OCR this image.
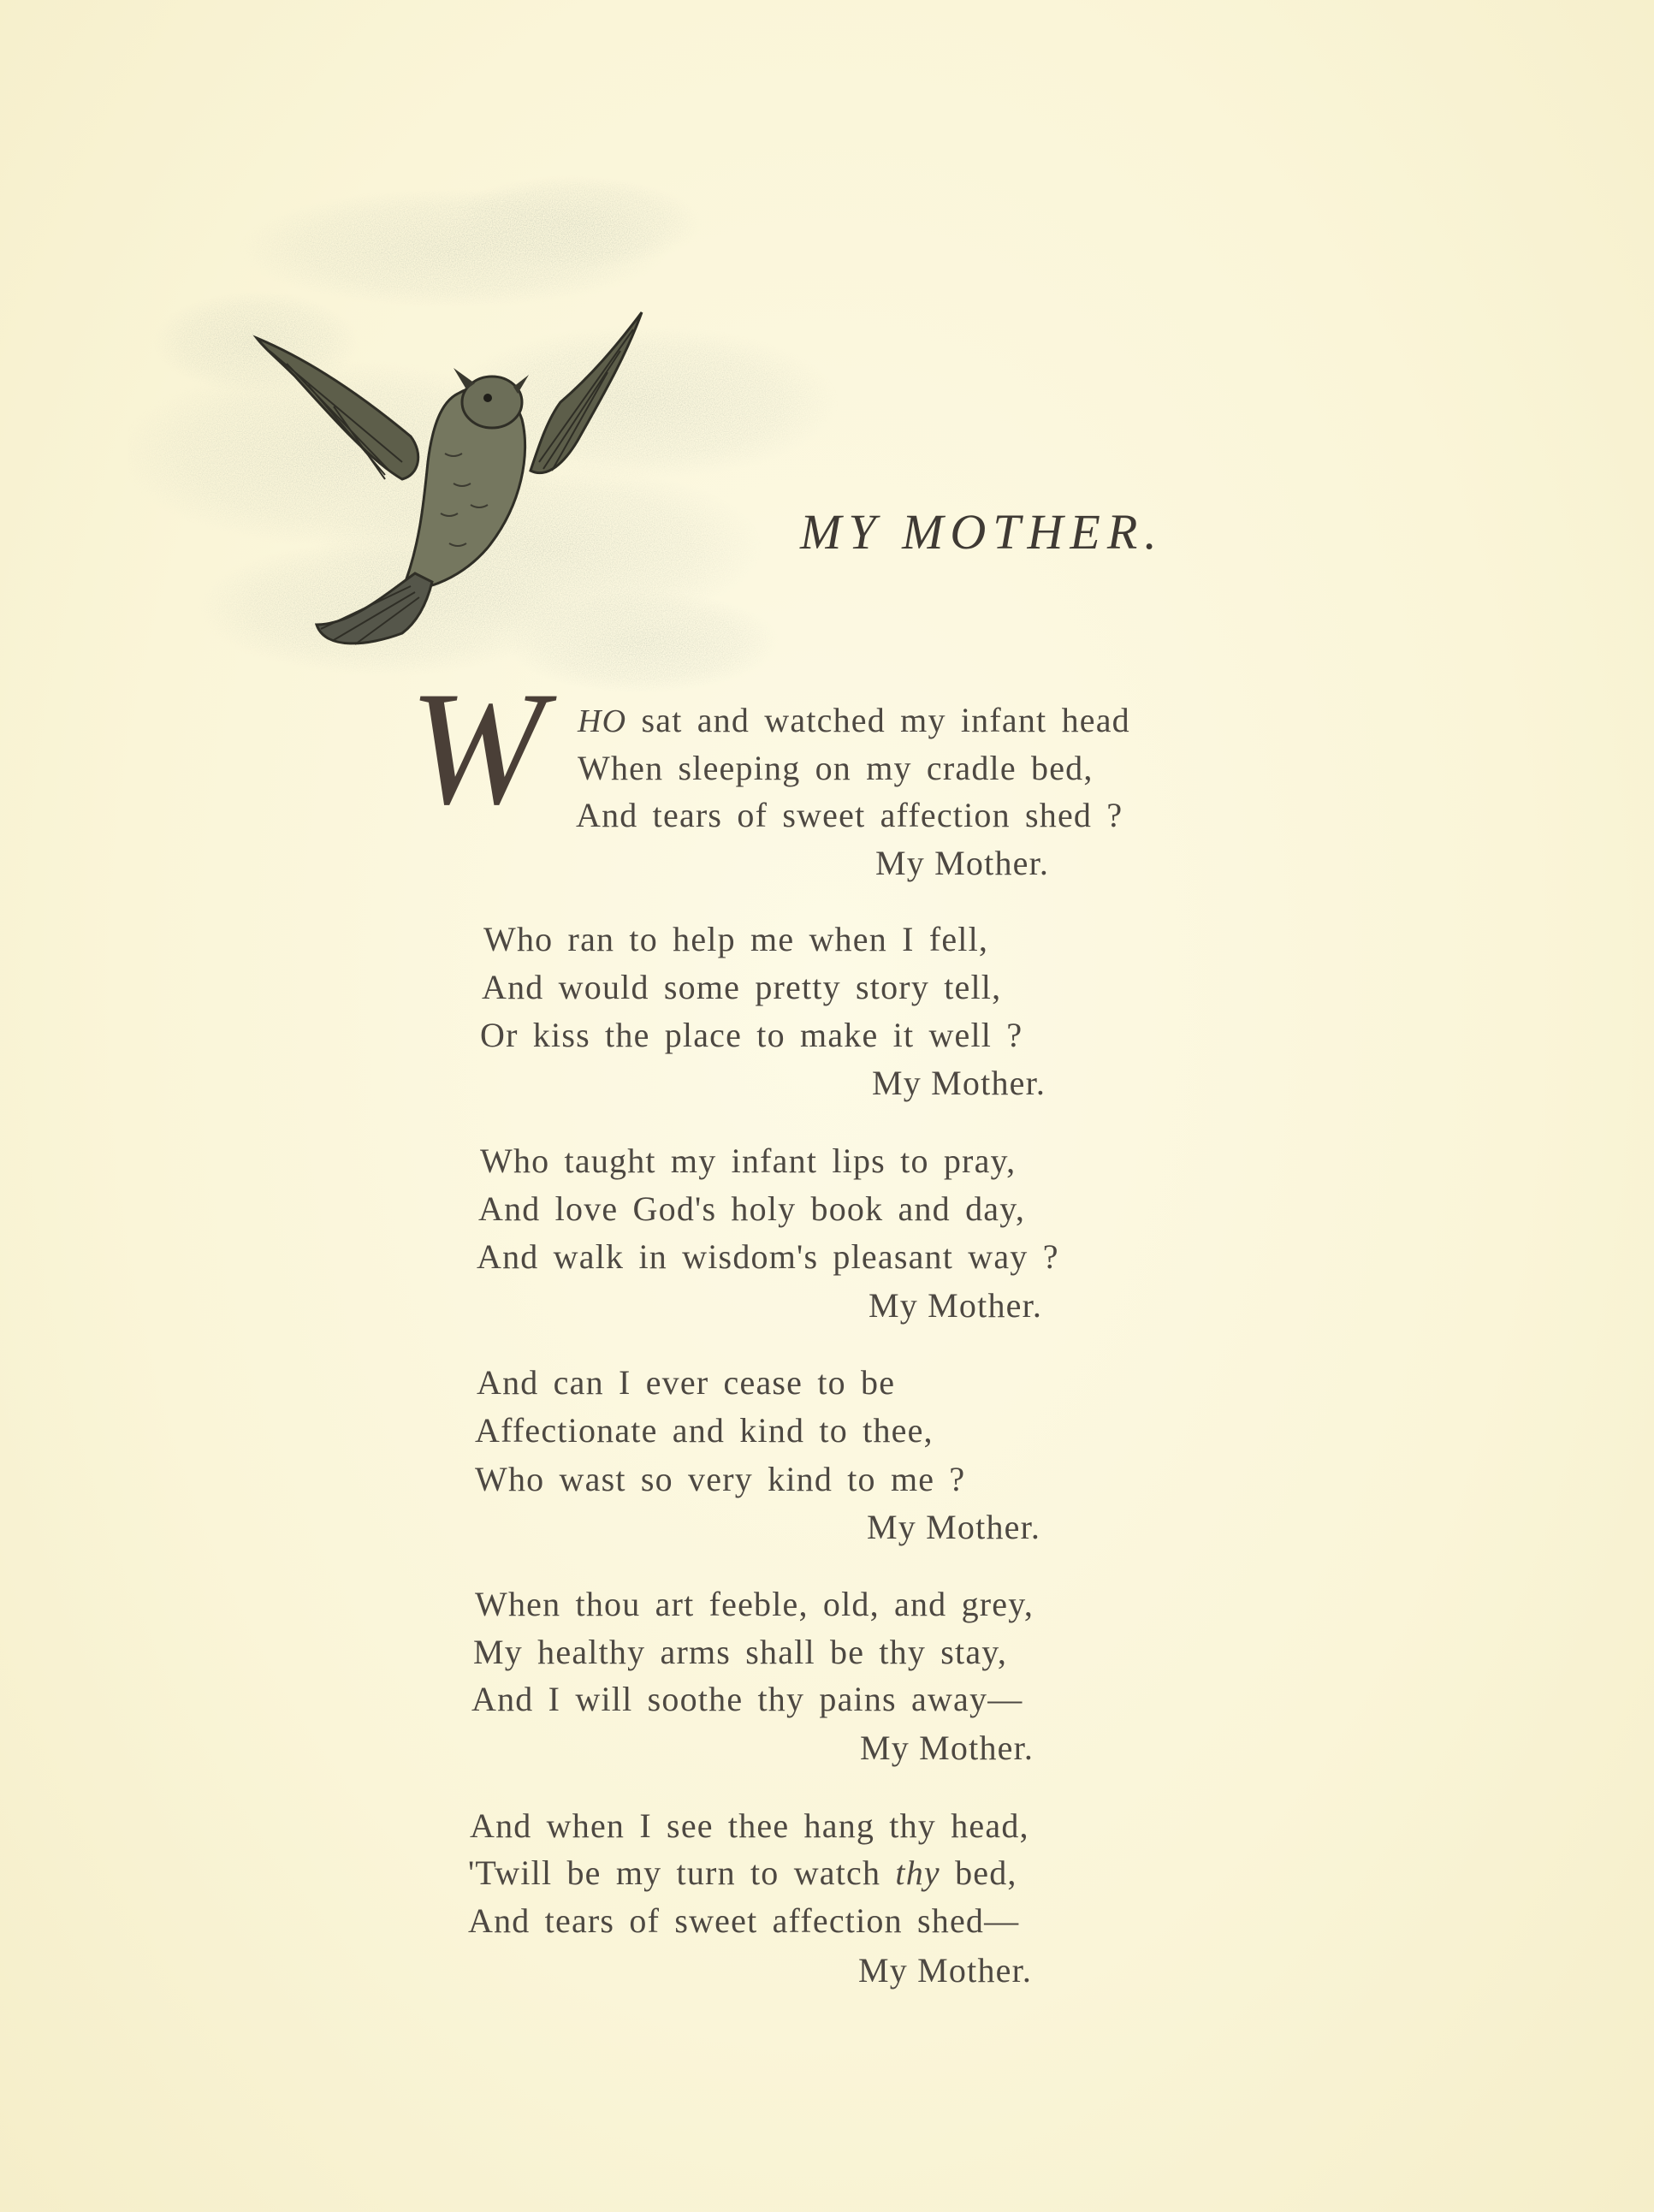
MY MOTHER.
W HO sat and watched my infant head
When sleeping on my cradle bed,
And tears of sweet affection shed ?
My Mother.
Who ran to help me when I fell,
And would some pretty story tell,
Or kiss the place to make it well ?
My Mother.
Who taught my infant lips to pray,
And love God's holy book and day,
And walk in wisdom's pleasant way ?
My Mother.
And can I ever cease to be
Affectionate and kind to thee,
Who wast so very kind to me ?
My Mother.
When thou art feeble, old, and grey,
My healthy arms shall be thy stay,
And I will soothe thy pains away—
My Mother.
And when I see thee hang thy head,
'Twill be my turn to watch thy bed,
And tears of sweet affection shed—
My Mother.
